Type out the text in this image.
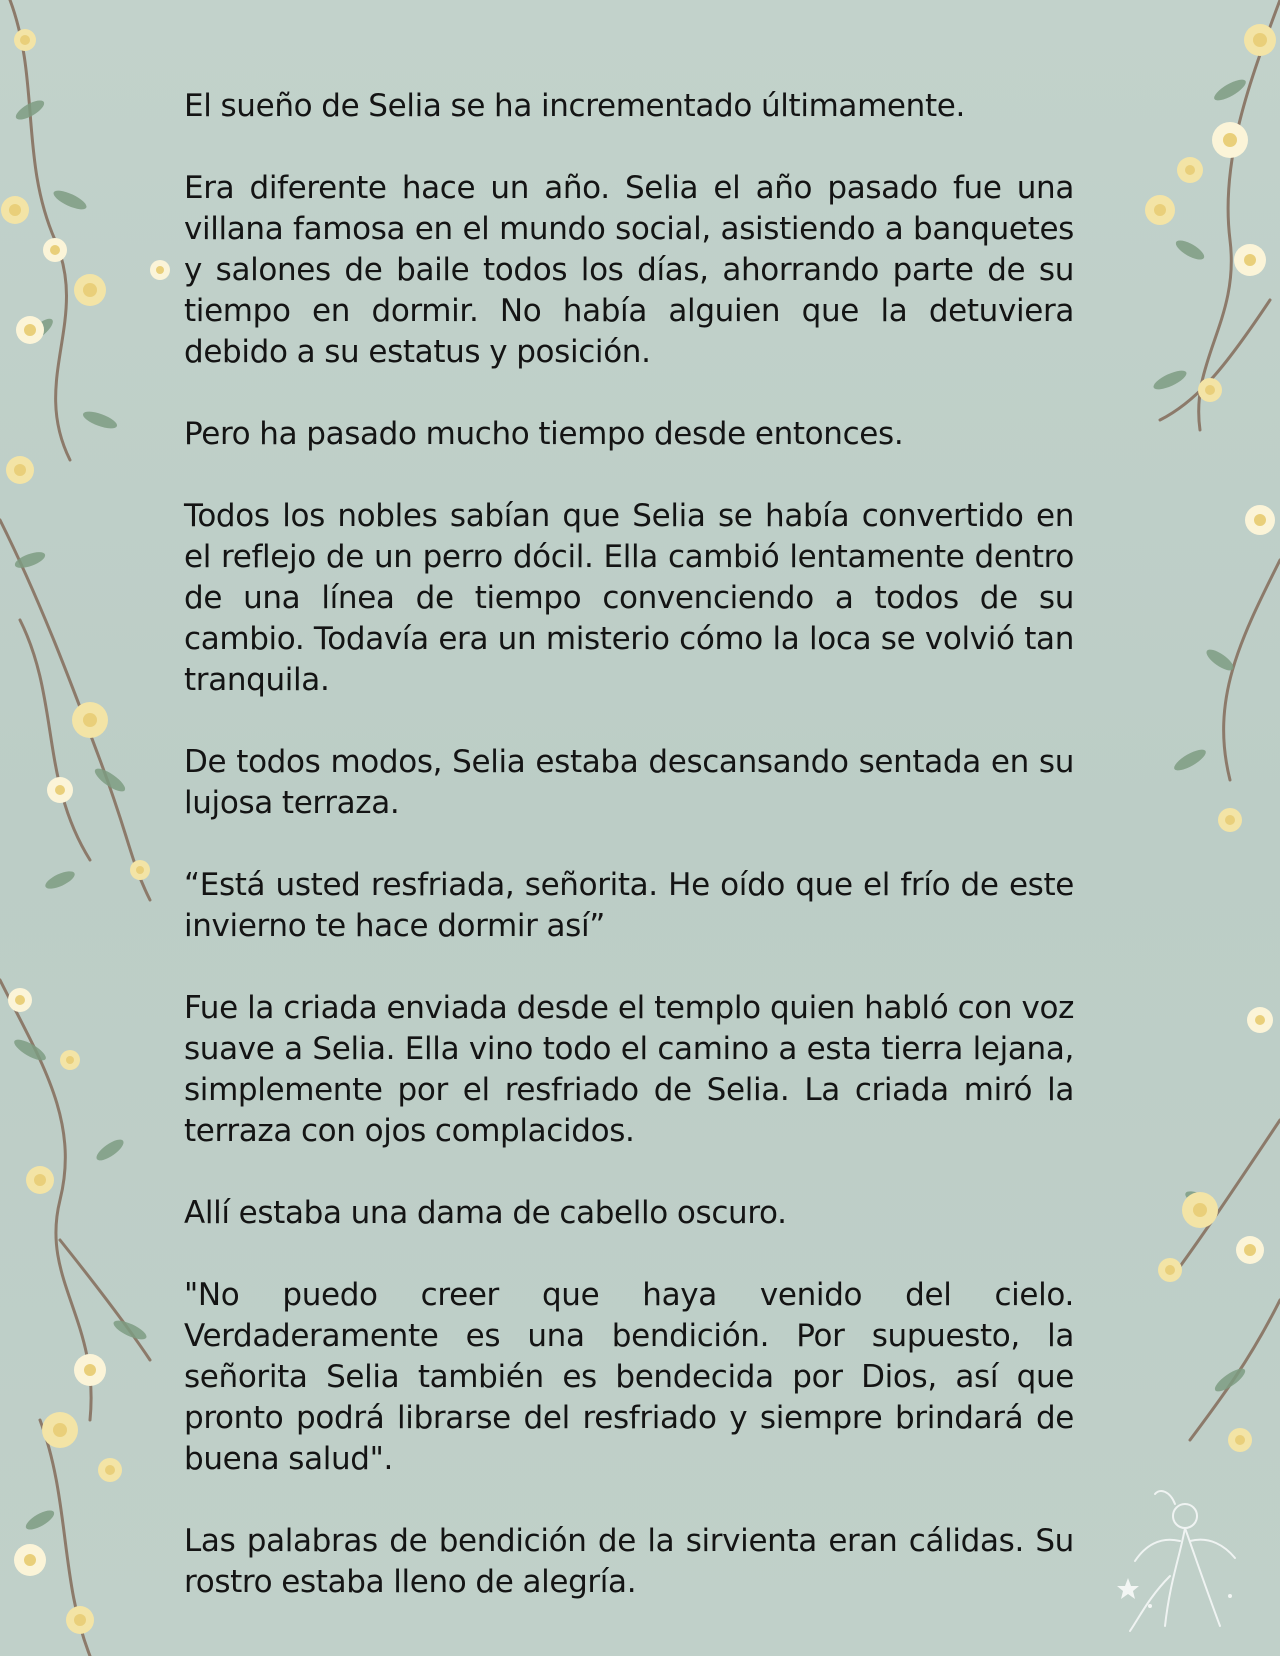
El sueño de Selia se ha incrementado últimamente.

Era diferente hace un año. Selia el año pasado fue una villana famosa en el mundo social, asistiendo a banquetes y salones de baile todos los días, ahorrando parte de su tiempo en dormir. No había alguien que la detuviera debido a su estatus y posición.

Pero ha pasado mucho tiempo desde entonces.

Todos los nobles sabían que Selia se había convertido en el reflejo de un perro dócil. Ella cambió lentamente dentro de una línea de tiempo convenciendo a todos de su cambio. Todavía era un misterio cómo la loca se volvió tan tranquila.

De todos modos, Selia estaba descansando sentada en su lujosa terraza.

“Está usted resfriada, señorita. He oído que el frío de este invierno te hace dormir así”

Fue la criada enviada desde el templo quien habló con voz suave a Selia. Ella vino todo el camino a esta tierra lejana, simplemente por el resfriado de Selia. La criada miró la terraza con ojos complacidos.

Allí estaba una dama de cabello oscuro.

"No puedo creer que haya venido del cielo. Verdaderamente es una bendición. Por supuesto, la señorita Selia también es bendecida por Dios, así que pronto podrá librarse del resfriado y siempre brindará de buena salud".

Las palabras de bendición de la sirvienta eran cálidas. Su rostro estaba lleno de alegría.
